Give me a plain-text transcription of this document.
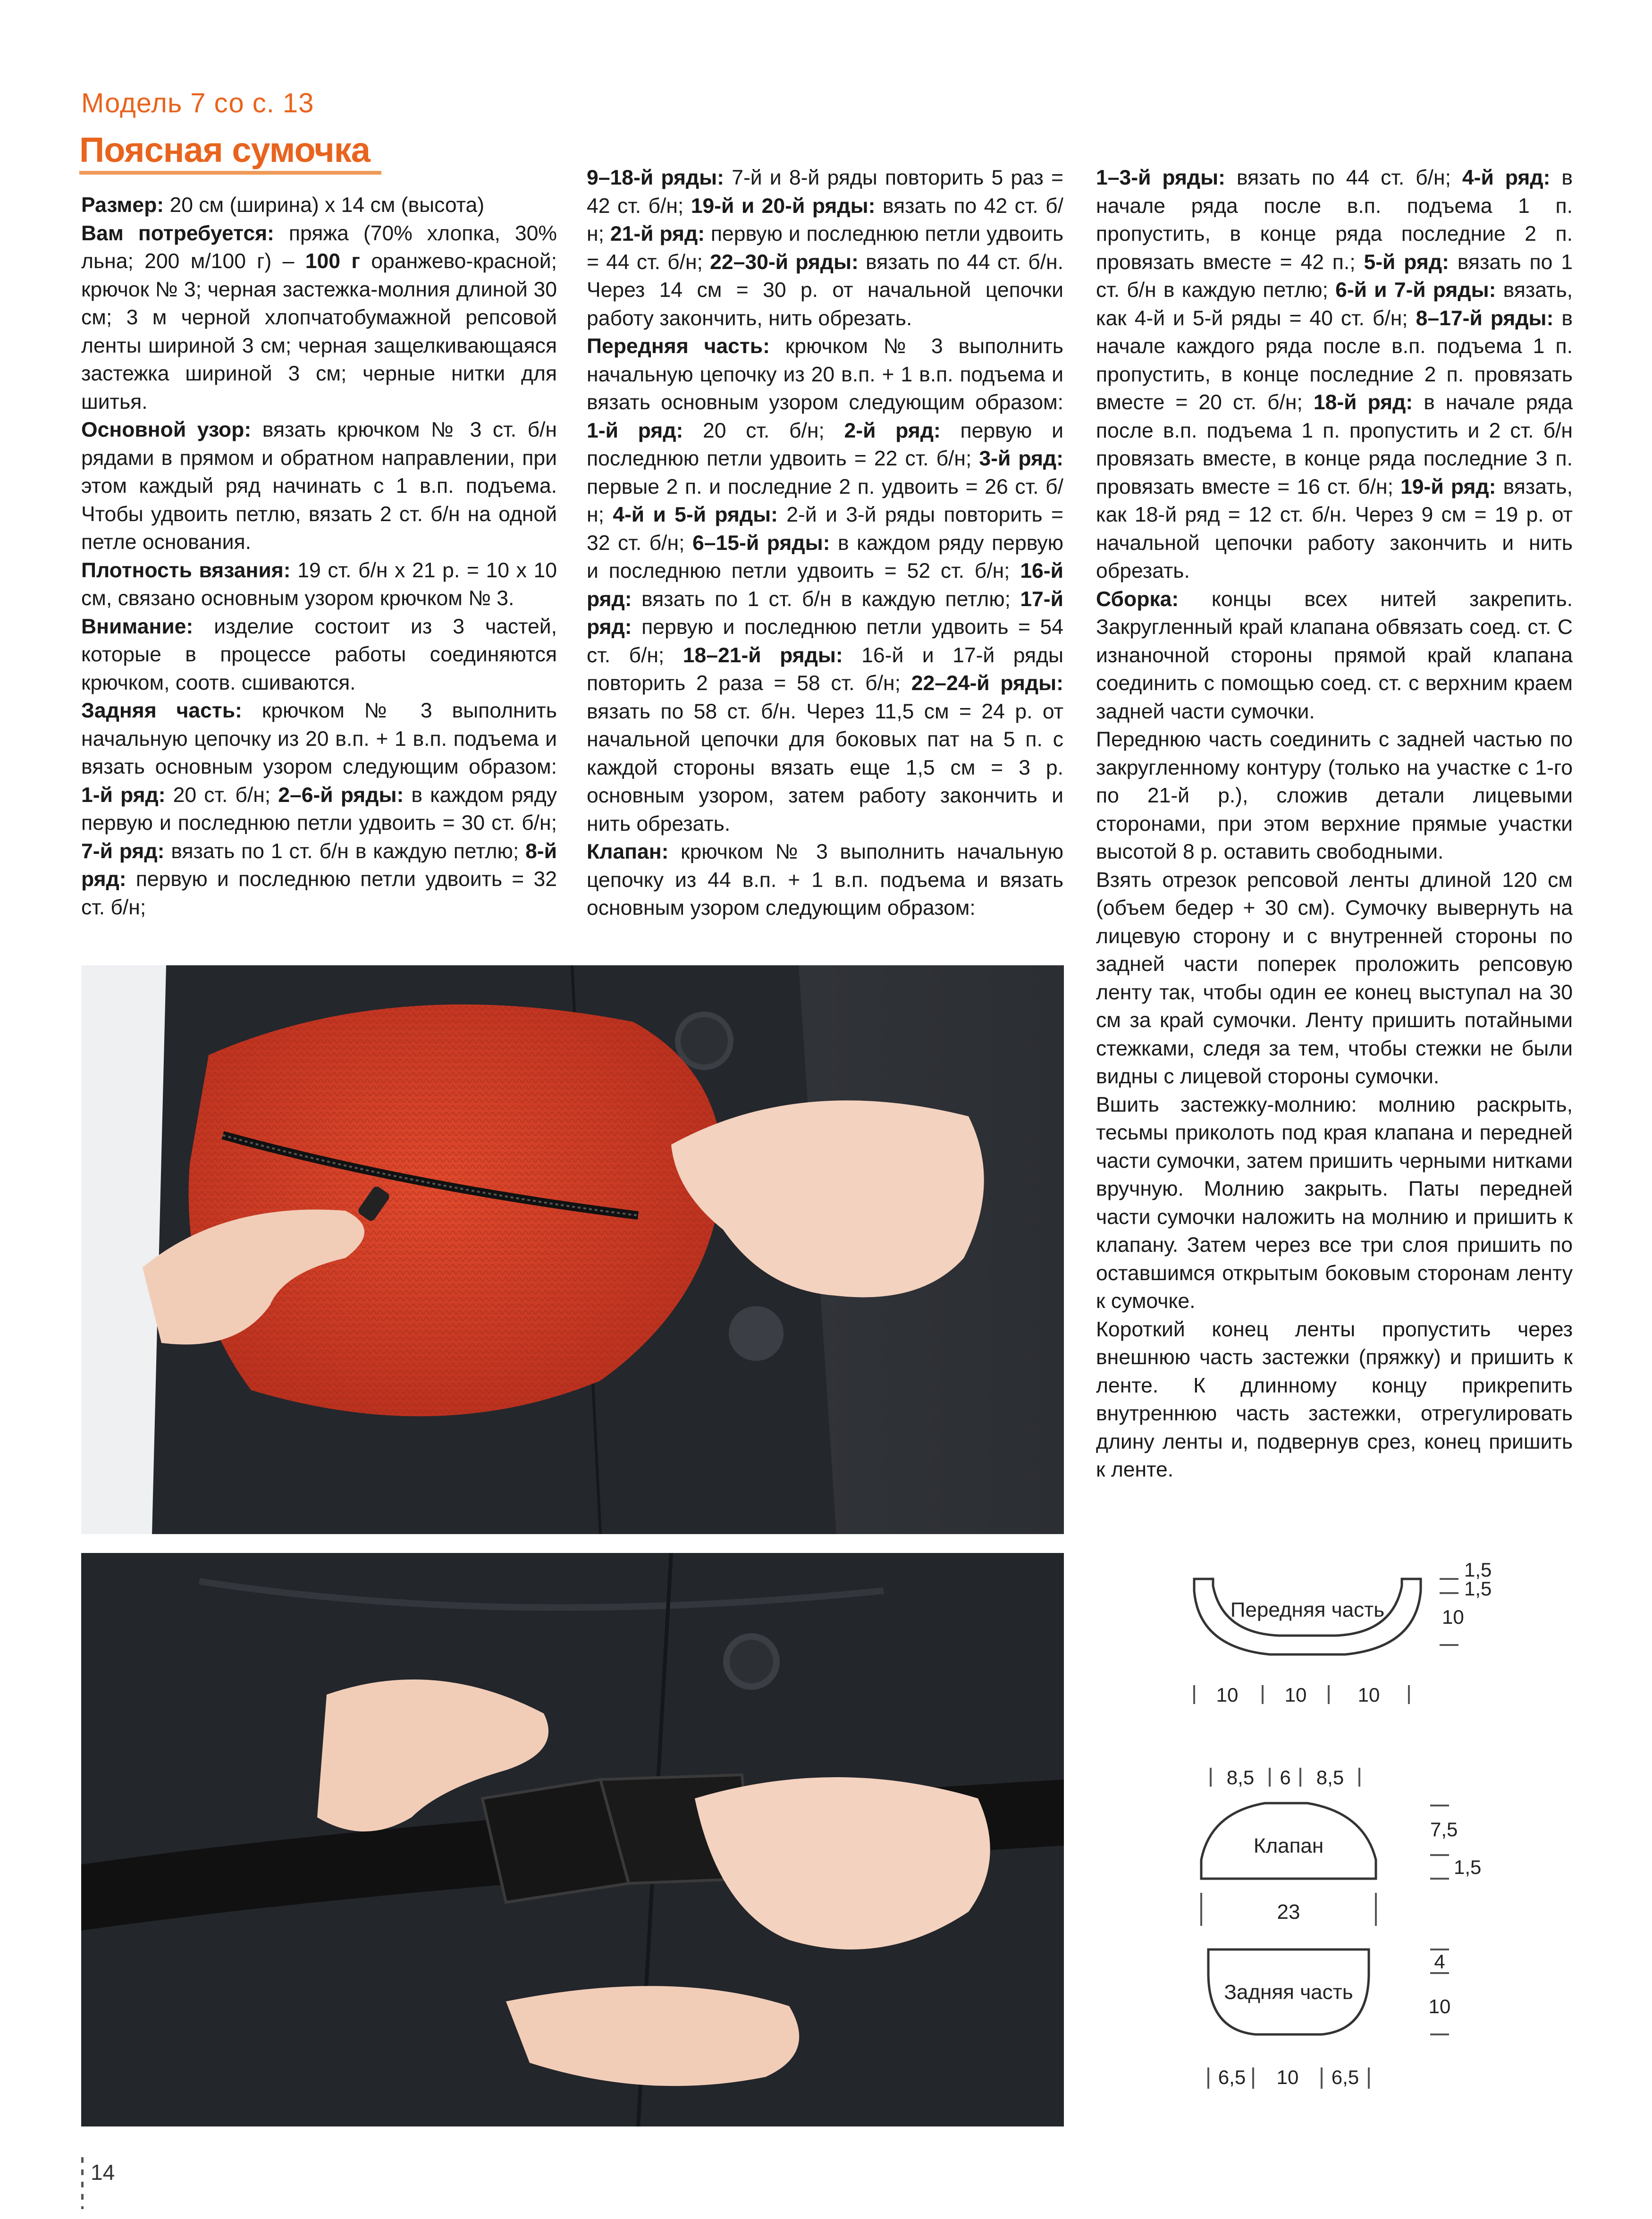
Модель 7 со с. 13
Поясная сумочка

Размер: 20 см (ширина) х 14 см (высота)

Вам потребуется: пряжа (70% хлопка, 30% льна; 200 м/100 г) – 100 г оранжево-красной; крючок № 3; черная застежка-молния длиной 30 см; 3 м черной хлопчатобумажной репсовой ленты шириной 3 см; черная защелкивающаяся застежка шириной 3 см; черные нитки для шитья.

Основной узор: вязать крючком № 3 ст. б/н рядами в прямом и обратном направлении, при этом каждый ряд начинать с 1 в.п. подъема. Чтобы удвоить петлю, вязать 2 ст. б/н на одной петле основания.

Плотность вязания: 19 ст. б/н х 21 р. = 10 х 10 см, связано основным узором крючком № 3.

Внимание: изделие состоит из 3 частей, которые в процессе работы соединяются крючком, соотв. сшиваются.

Задняя часть: крючком № 3 выполнить начальную цепочку из 20 в.п. + 1 в.п. подъема и вязать основным узором следующим образом: 1-й ряд: 20 ст. б/н; 2–6-й ряды: в каждом ряду первую и последнюю петли удвоить = 30 ст. б/н; 7-й ряд: вязать по 1 ст. б/н в каждую петлю; 8-й ряд: первую и последнюю петли удвоить = 32 ст. б/н;

9–18-й ряды: 7-й и 8-й ряды повторить 5 раз = 42 ст. б/н; 19-й и 20-й ряды: вязать по 42 ст. б/н; 21-й ряд: первую и последнюю петли удвоить = 44 ст. б/н; 22–30-й ряды: вязать по 44 ст. б/н. Через 14 см = 30 р. от начальной цепочки работу закончить, нить обрезать.

Передняя часть: крючком № 3 выполнить начальную цепочку из 20 в.п. + 1 в.п. подъема и вязать основным узором следующим образом: 1-й ряд: 20 ст. б/н; 2-й ряд: первую и последнюю петли удвоить = 22 ст. б/н; 3-й ряд: первые 2 п. и последние 2 п. удвоить = 26 ст. б/н; 4-й и 5-й ряды: 2-й и 3-й ряды повторить = 32 ст. б/н; 6–15-й ряды: в каждом ряду первую и последнюю петли удвоить = 52 ст. б/н; 16-й ряд: вязать по 1 ст. б/н в каждую петлю; 17-й ряд: первую и последнюю петли удвоить = 54 ст. б/н; 18–21-й ряды: 16-й и 17-й ряды повторить 2 раза = 58 ст. б/н; 22–24-й ряды: вязать по 58 ст. б/н. Через 11,5 см = 24 р. от начальной цепочки для боковых пат на 5 п. с каждой стороны вязать еще 1,5 см = 3 р. основным узором, затем работу закончить и нить обрезать.

Клапан: крючком № 3 выполнить начальную цепочку из 44 в.п. + 1 в.п. подъема и вязать основным узором следующим образом:

1–3-й ряды: вязать по 44 ст. б/н; 4-й ряд: в начале ряда после в.п. подъема 1 п. пропустить, в конце ряда последние 2 п. провязать вместе = 42 п.; 5-й ряд: вязать по 1 ст. б/н в каждую петлю; 6-й и 7-й ряды: вязать, как 4-й и 5-й ряды = 40 ст. б/н; 8–17-й ряды: в начале каждого ряда после в.п. подъема 1 п. пропустить, в конце последние 2 п. провязать вместе = 20 ст. б/н; 18-й ряд: в начале ряда после в.п. подъема 1 п. пропустить и 2 ст. б/н провязать вместе, в конце ряда последние 3 п. провязать вместе = 16 ст. б/н; 19-й ряд: вязать, как 18-й ряд = 12 ст. б/н. Через 9 см = 19 р. от начальной цепочки работу закончить и нить обрезать.

Сборка: концы всех нитей закрепить. Закругленный край клапана обвязать соед. ст. С изнаночной стороны прямой край клапана соединить с помощью соед. ст. с верхним краем задней части сумочки.

Переднюю часть соединить с задней частью по закругленному контуру (только на участке с 1-го по 21-й р.), сложив детали лицевыми сторонами, при этом верхние прямые участки высотой 8 р. оставить свободными.

Взять отрезок репсовой ленты длиной 120 см (объем бедер + 30 см). Сумочку вывернуть на лицевую сторону и с внутренней стороны по задней части поперек проложить репсовую ленту так, чтобы один ее конец выступал на 30 см за край сумочки. Ленту пришить потайными стежками, следя за тем, чтобы стежки не были видны с лицевой стороны сумочки.

Вшить застежку-молнию: молнию раскрыть, тесьмы приколоть под края клапана и передней части сумочки, затем пришить черными нитками вручную. Молнию закрыть. Паты передней части сумочки наложить на молнию и пришить к клапану. Затем через все три слоя пришить по оставшимся открытым боковым сторонам ленту к сумочке.

Короткий конец ленты пропустить через внешнюю часть застежки (пряжку) и пришить к ленте. К длинному концу прикрепить внутреннюю часть застежки, отрегулировать длину ленты и, подвернув срез, конец пришить к ленте.

Передняя часть
1,5
1,5
10
10 10	10
8,5 6 8,5
Клапан
7,5
1,5
23
Задняя часть
4
10
6,5 10 6,5
14
